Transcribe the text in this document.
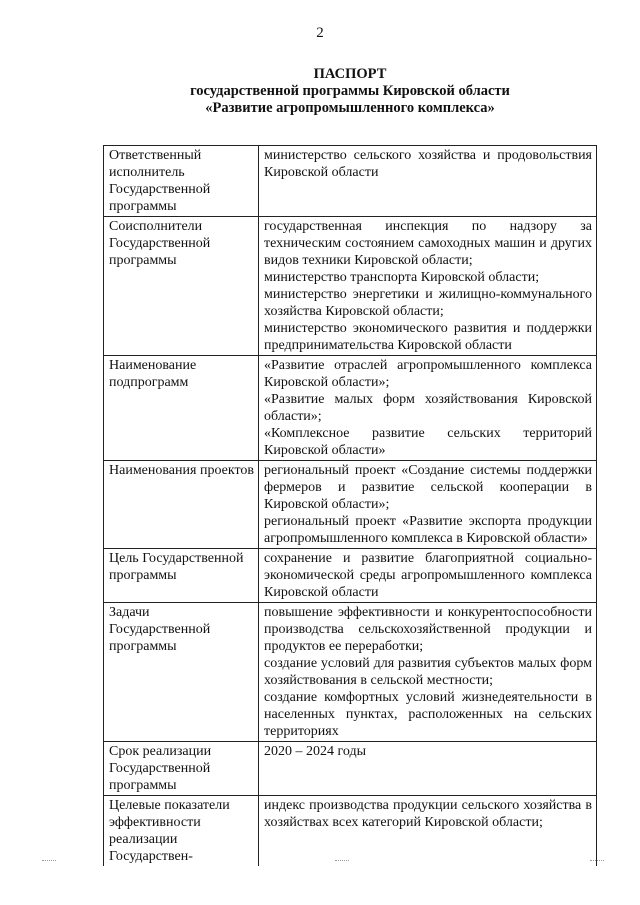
2
ПАСПОРТ
государственной программы Кировской области
«Развитие агропромышленного комплекса»
Ответственный исполнитель Государственной программы	министерство сельского хозяйства и продовольствия Кировской области

Соисполнители Государственной программы	государственная инспекция по надзору за техническим состоянием самоходных машин и других видов техники Кировской области;
министерство транспорта Кировской области;
министерство энергетики и жилищно-коммунального хозяйства Кировской области;
министерство экономического развития и поддержки предпринимательства Кировской области

Наименование подпрограмм	«Развитие отраслей агропромышленного комплекса Кировской области»;
«Развитие малых форм хозяйствования Кировской области»;
«Комплексное развитие сельских территорий Кировской области»

Наименования проектов	региональный проект «Создание системы поддержки фермеров и развитие сельской кооперации в Кировской области»;
региональный проект «Развитие экспорта продукции агропромышленного комплекса в Кировской области»

Цель Государственной программы	сохранение и развитие благоприятной социально-экономической среды агропромышленного комплекса Кировской области

Задачи Государственной программы	повышение эффективности и конкурентоспособности производства сельскохозяйственной продукции и продуктов ее переработки;
создание условий для развития субъектов малых форм хозяйствования в сельской местности;
создание комфортных условий жизнедеятельности в населенных пунктах, расположенных на сельских территориях

Срок реализации Государственной программы	2020 – 2024 годы

Целевые показатели эффективности реализации Государствен-	индекс производства продукции сельского хозяйства в хозяйствах всех категорий Кировской области;
